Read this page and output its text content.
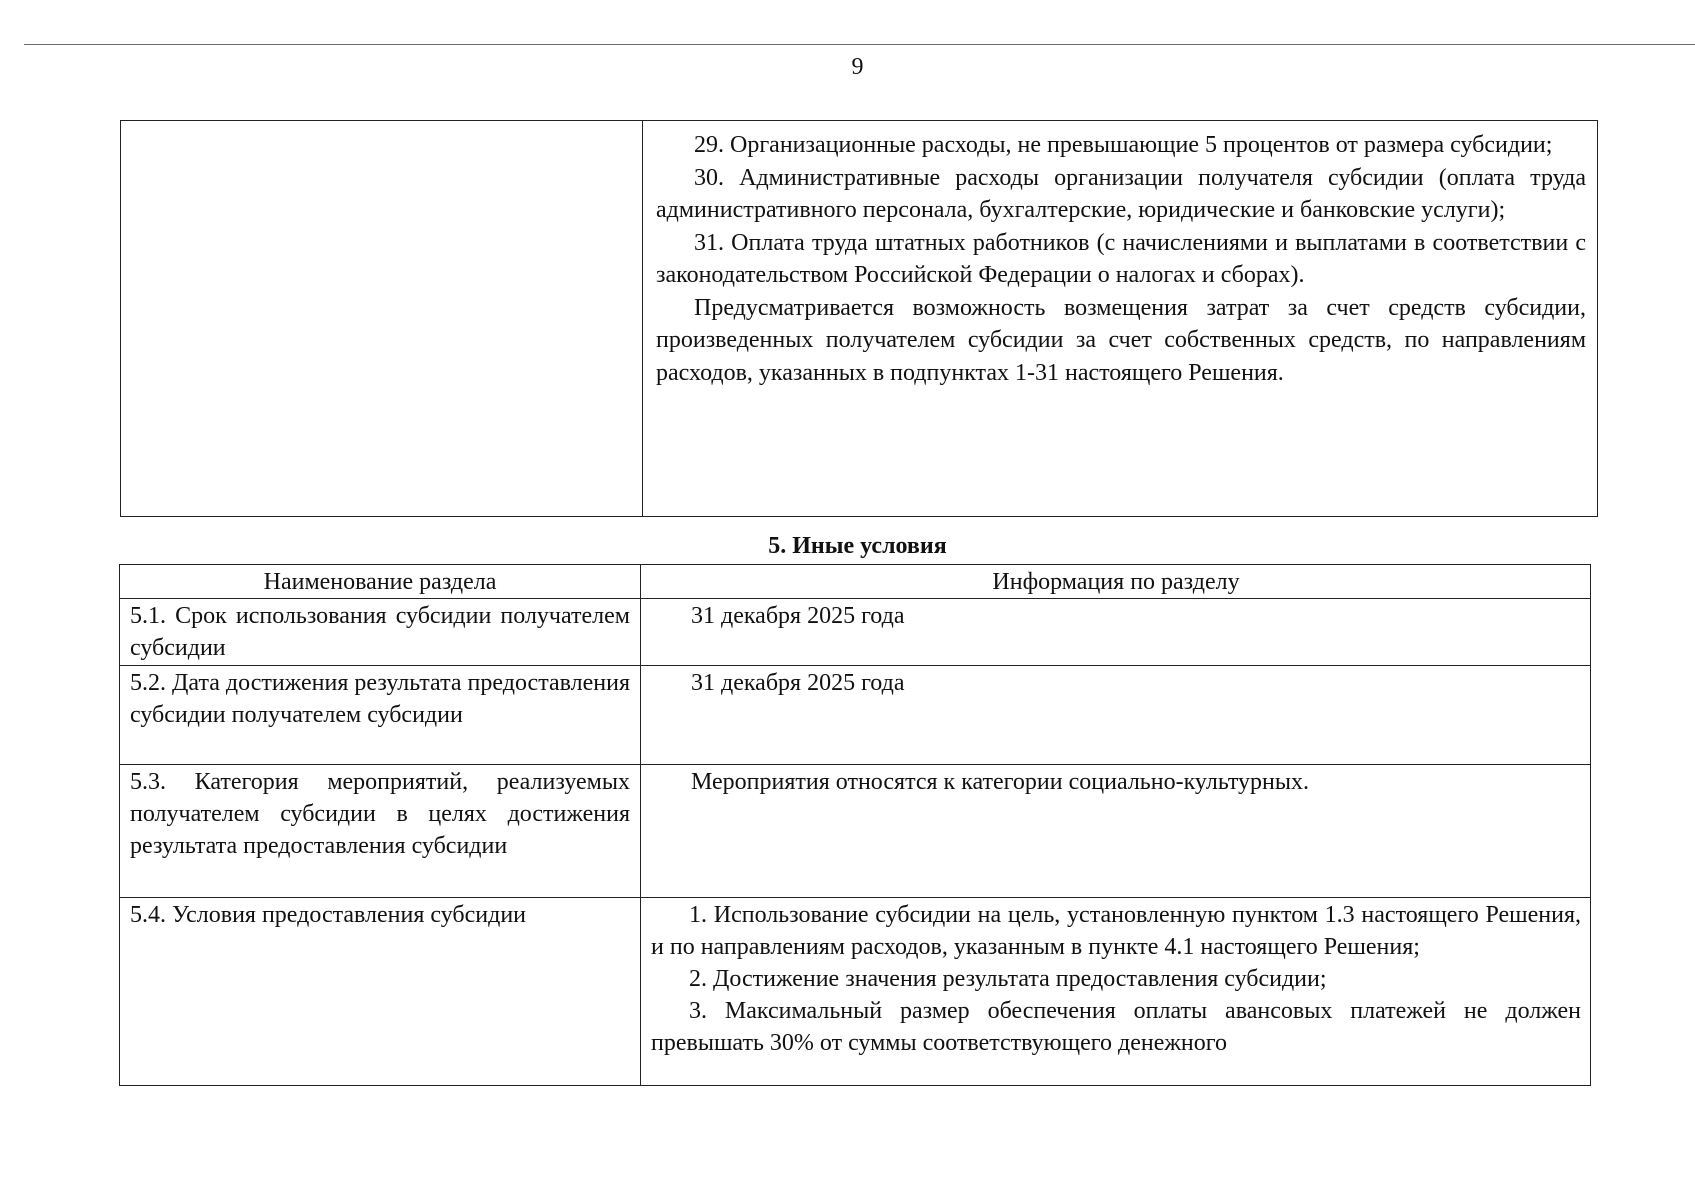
9

29. Организационные расходы, не превышающие 5 процентов от размера субсидии;

30. Административные расходы организации получателя субсидии (оплата труда административного персонала, бухгалтерские, юридические и банковские услуги);

31. Оплата труда штатных работников (с начислениями и выплатами в соответствии с законодательством Российской Федерации о налогах и сборах).

Предусматривается возможность возмещения затрат за счет средств субсидии, произведенных получателем субсидии за счет собственных средств, по направлениям расходов, указанных в подпунктах 1-31 настоящего Решения.

5. Иные условия
Наименование раздела	Информация по разделу
5.1. Срок использования субсидии получателем субсидии
31 декабря 2025 года
5.2. Дата достижения результата предоставления субсидии получателем субсидии
31 декабря 2025 года
5.3. Категория мероприятий, реализуемых получателем субсидии в целях достижения результата предоставления субсидии
Мероприятия относятся к категории социально-культурных.
5.4. Условия предоставления субсидии	1. Использование субсидии на цель, установленную пунктом 1.3 настоящего Решения, и по направлениям расходов, указанным в пункте 4.1 настоящего Решения;

2. Достижение значения результата предоставления субсидии;

3. Максимальный размер обеспечения оплаты авансовых платежей не должен превышать 30% от суммы соответствующего денежного
